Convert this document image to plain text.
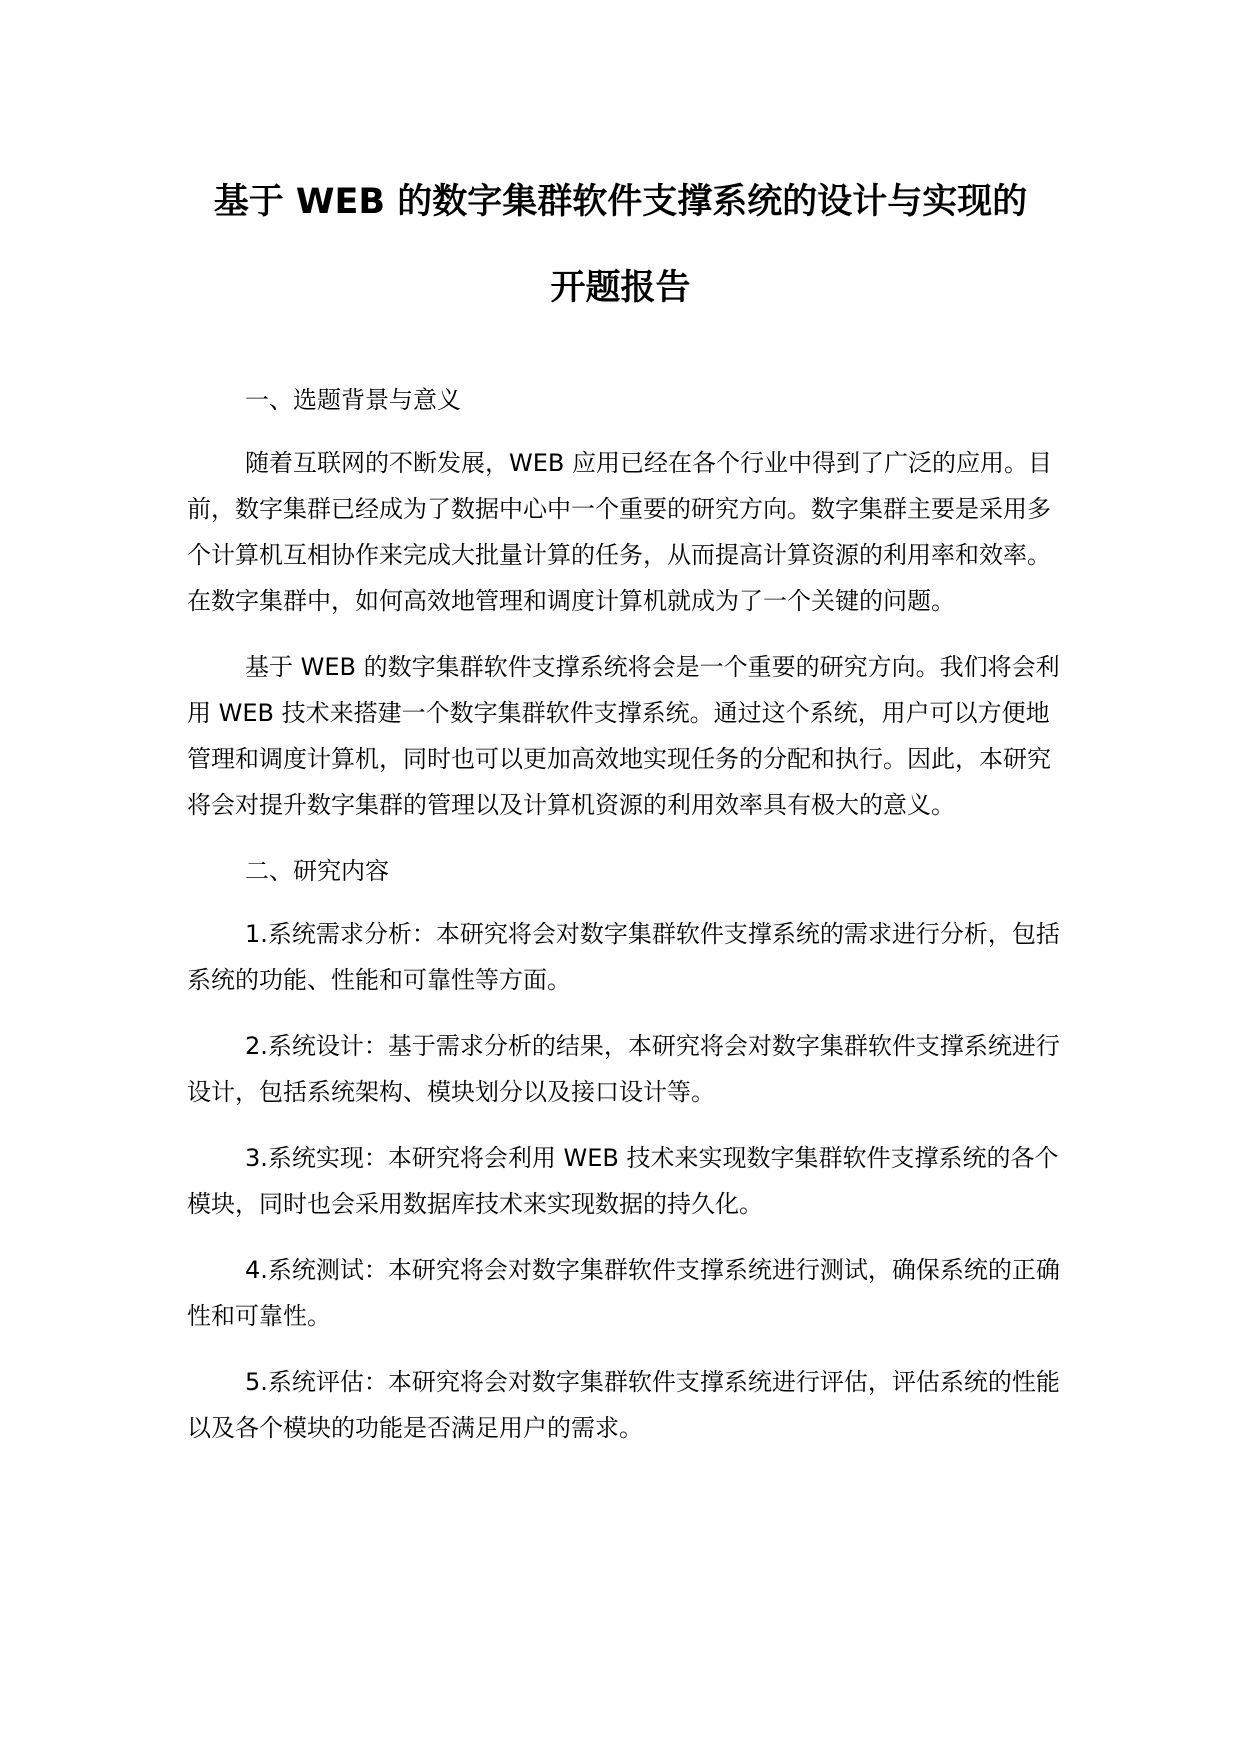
基于 WEB 的数字集群软件支撑系统的设计与实现的
开题报告

一、选题背景与意义

随着互联网的不断发展，WEB 应用已经在各个行业中得到了广泛的应用。目前，数字集群已经成为了数据中心中一个重要的研究方向。数字集群主要是采用多个计算机互相协作来完成大批量计算的任务，从而提高计算资源的利用率和效率。在数字集群中，如何高效地管理和调度计算机就成为了一个关键的问题。

基于 WEB 的数字集群软件支撑系统将会是一个重要的研究方向。我们将会利用 WEB 技术来搭建一个数字集群软件支撑系统。通过这个系统，用户可以方便地管理和调度计算机，同时也可以更加高效地实现任务的分配和执行。因此，本研究将会对提升数字集群的管理以及计算机资源的利用效率具有极大的意义。

二、研究内容

1.系统需求分析：本研究将会对数字集群软件支撑系统的需求进行分析，包括系统的功能、性能和可靠性等方面。

2.系统设计：基于需求分析的结果，本研究将会对数字集群软件支撑系统进行设计，包括系统架构、模块划分以及接口设计等。

3.系统实现：本研究将会利用 WEB 技术来实现数字集群软件支撑系统的各个模块，同时也会采用数据库技术来实现数据的持久化。

4.系统测试：本研究将会对数字集群软件支撑系统进行测试，确保系统的正确性和可靠性。

5.系统评估：本研究将会对数字集群软件支撑系统进行评估，评估系统的性能以及各个模块的功能是否满足用户的需求。
